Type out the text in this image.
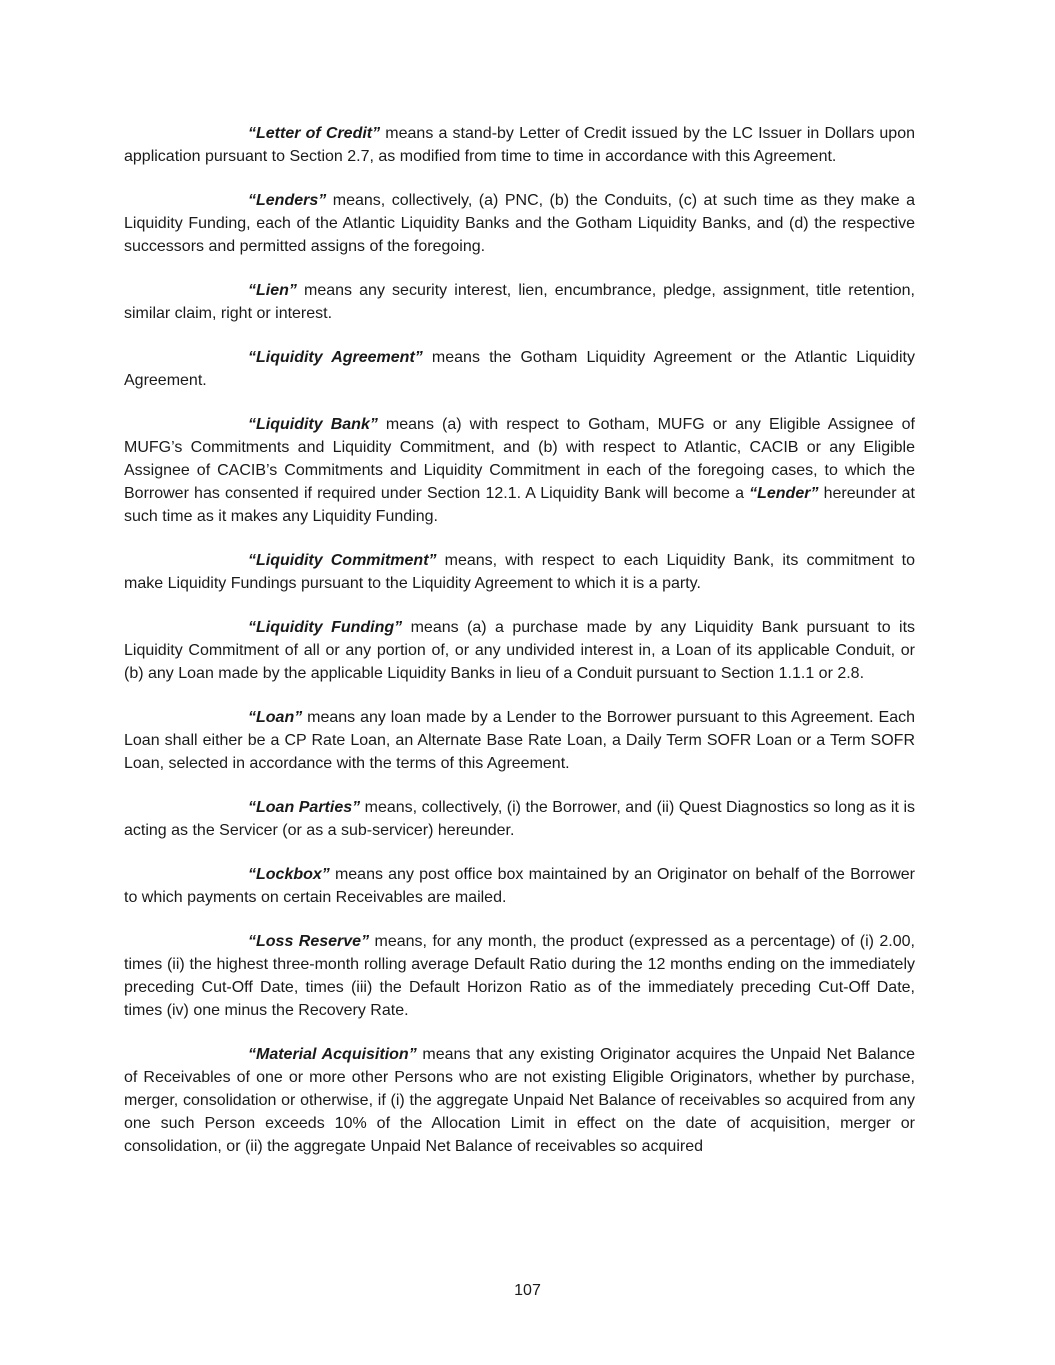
“Letter of Credit” means a stand-by Letter of Credit issued by the LC Issuer in Dollars upon application pursuant to Section 2.7, as modified from time to time in accordance with this Agreement.

“Lenders” means, collectively, (a) PNC, (b) the Conduits, (c) at such time as they make a Liquidity Funding, each of the Atlantic Liquidity Banks and the Gotham Liquidity Banks, and (d) the respective successors and permitted assigns of the foregoing.

“Lien” means any security interest, lien, encumbrance, pledge, assignment, title retention, similar claim, right or interest.

“Liquidity Agreement” means the Gotham Liquidity Agreement or the Atlantic Liquidity Agreement.

“Liquidity Bank” means (a) with respect to Gotham, MUFG or any Eligible Assignee of MUFG’s Commitments and Liquidity Commitment, and (b) with respect to Atlantic, CACIB or any Eligible Assignee of CACIB’s Commitments and Liquidity Commitment in each of the foregoing cases, to which the Borrower has consented if required under Section 12.1. A Liquidity Bank will become a “Lender” hereunder at such time as it makes any Liquidity Funding.

“Liquidity Commitment” means, with respect to each Liquidity Bank, its commitment to make Liquidity Fundings pursuant to the Liquidity Agreement to which it is a party.

“Liquidity Funding” means (a) a purchase made by any Liquidity Bank pursuant to its Liquidity Commitment of all or any portion of, or any undivided interest in, a Loan of its applicable Conduit, or (b) any Loan made by the applicable Liquidity Banks in lieu of a Conduit pursuant to Section 1.1.1 or 2.8.

“Loan” means any loan made by a Lender to the Borrower pursuant to this Agreement. Each Loan shall either be a CP Rate Loan, an Alternate Base Rate Loan, a Daily Term SOFR Loan or a Term SOFR Loan, selected in accordance with the terms of this Agreement.

“Loan Parties” means, collectively, (i) the Borrower, and (ii) Quest Diagnostics so long as it is acting as the Servicer (or as a sub-servicer) hereunder.

“Lockbox” means any post office box maintained by an Originator on behalf of the Borrower to which payments on certain Receivables are mailed.

“Loss Reserve” means, for any month, the product (expressed as a percentage) of (i) 2.00, times (ii) the highest three-month rolling average Default Ratio during the 12 months ending on the immediately preceding Cut-Off Date, times (iii) the Default Horizon Ratio as of the immediately preceding Cut-Off Date, times (iv) one minus the Recovery Rate.

“Material Acquisition” means that any existing Originator acquires the Unpaid Net Balance of Receivables of one or more other Persons who are not existing Eligible Originators, whether by purchase, merger, consolidation or otherwise, if (i) the aggregate Unpaid Net Balance of receivables so acquired from any one such Person exceeds 10% of the Allocation Limit in effect on the date of acquisition, merger or consolidation, or (ii) the aggregate Unpaid Net Balance of receivables so acquired

107
